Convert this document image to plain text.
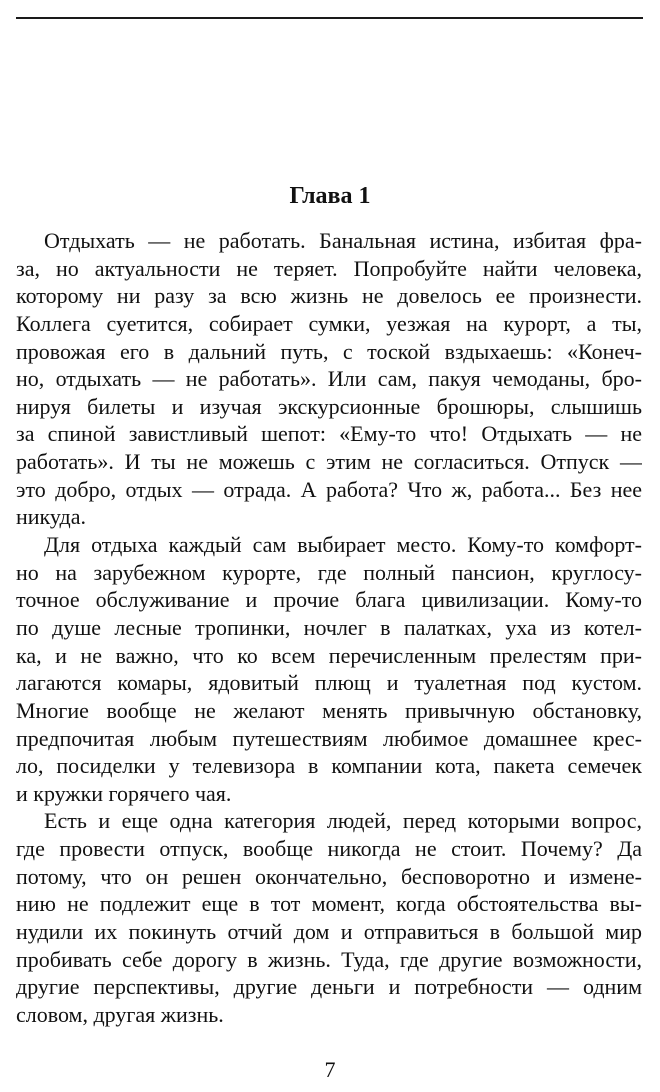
Глава 1
Отдыхать — не работать. Банальная истина, избитая фра-
за, но актуальности не теряет. Попробуйте найти человека,
которому ни разу за всю жизнь не довелось ее произнести.
Коллега суетится, собирает сумки, уезжая на курорт, а ты,
провожая его в дальний путь, с тоской вздыхаешь: «Конеч-
но, отдыхать — не работать». Или сам, пакуя чемоданы, бро-
нируя билеты и изучая экскурсионные брошюры, слышишь
за спиной завистливый шепот: «Ему-то что! Отдыхать — не
работать». И ты не можешь с этим не согласиться. Отпуск —
это добро, отдых — отрада. А работа? Что ж, работа... Без нее
никуда.
Для отдыха каждый сам выбирает место. Кому-то комфорт-
но на зарубежном курорте, где полный пансион, круглосу-
точное обслуживание и прочие блага цивилизации. Кому-то
по душе лесные тропинки, ночлег в палатках, уха из котел-
ка, и не важно, что ко всем перечисленным прелестям при-
лагаются комары, ядовитый плющ и туалетная под кустом.
Многие вообще не желают менять привычную обстановку,
предпочитая любым путешествиям любимое домашнее крес-
ло, посиделки у телевизора в компании кота, пакета семечек
и кружки горячего чая.
Есть и еще одна категория людей, перед которыми вопрос,
где провести отпуск, вообще никогда не стоит. Почему? Да
потому, что он решен окончательно, бесповоротно и измене-
нию не подлежит еще в тот момент, когда обстоятельства вы-
нудили их покинуть отчий дом и отправиться в большой мир
пробивать себе дорогу в жизнь. Туда, где другие возможности,
другие перспективы, другие деньги и потребности — одним
словом, другая жизнь.
7
